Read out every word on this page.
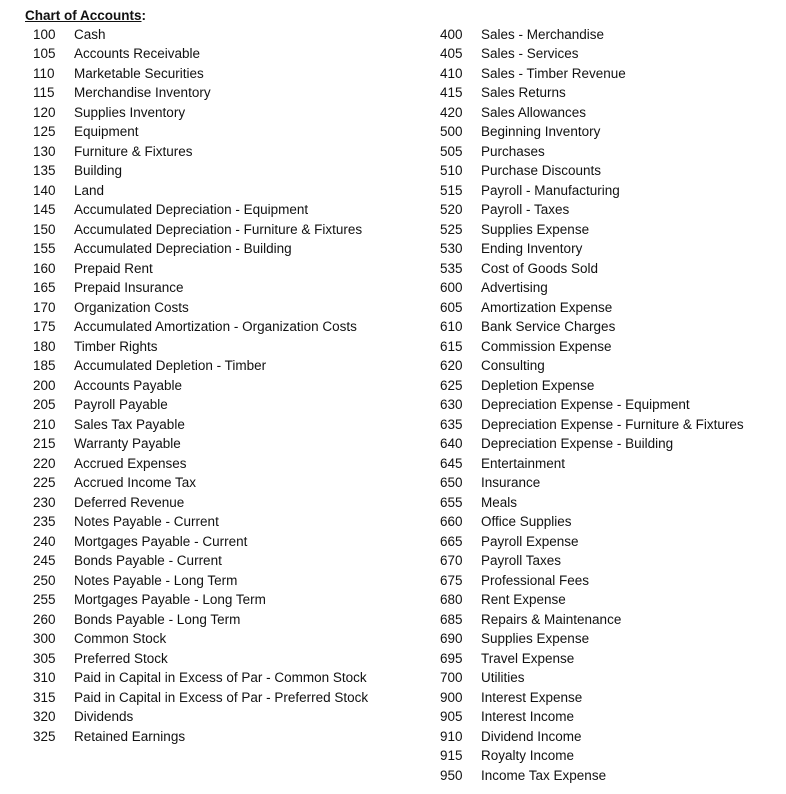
Chart of Accounts:
100	Cash
105	Accounts Receivable
110	Marketable Securities
115	Merchandise Inventory
120	Supplies Inventory
125	Equipment
130	Furniture & Fixtures
135	Building
140	Land
145	Accumulated Depreciation - Equipment
150	Accumulated Depreciation - Furniture & Fixtures
155	Accumulated Depreciation - Building
160	Prepaid Rent
165	Prepaid Insurance
170	Organization Costs
175	Accumulated Amortization - Organization Costs
180	Timber Rights
185	Accumulated Depletion - Timber
200	Accounts Payable
205	Payroll Payable
210	Sales Tax Payable
215	Warranty Payable
220	Accrued Expenses
225	Accrued Income Tax
230	Deferred Revenue
235	Notes Payable - Current
240	Mortgages Payable - Current
245	Bonds Payable - Current
250	Notes Payable - Long Term
255	Mortgages Payable - Long Term
260	Bonds Payable - Long Term
300	Common Stock
305	Preferred Stock
310	Paid in Capital in Excess of Par - Common Stock
315	Paid in Capital in Excess of Par - Preferred Stock
320	Dividends
325	Retained Earnings
400	Sales - Merchandise
405	Sales - Services
410	Sales - Timber Revenue
415	Sales Returns
420	Sales Allowances
500	Beginning Inventory
505	Purchases
510	Purchase Discounts
515	Payroll - Manufacturing
520	Payroll - Taxes
525	Supplies Expense
530	Ending Inventory
535	Cost of Goods Sold
600	Advertising
605	Amortization Expense
610	Bank Service Charges
615	Commission Expense
620	Consulting
625	Depletion Expense
630	Depreciation Expense - Equipment
635	Depreciation Expense - Furniture & Fixtures
640	Depreciation Expense - Building
645	Entertainment
650	Insurance
655	Meals
660	Office Supplies
665	Payroll Expense
670	Payroll Taxes
675	Professional Fees
680	Rent Expense
685	Repairs & Maintenance
690	Supplies Expense
695	Travel Expense
700	Utilities
900	Interest Expense
905	Interest Income
910	Dividend Income
915	Royalty Income
950	Income Tax Expense
